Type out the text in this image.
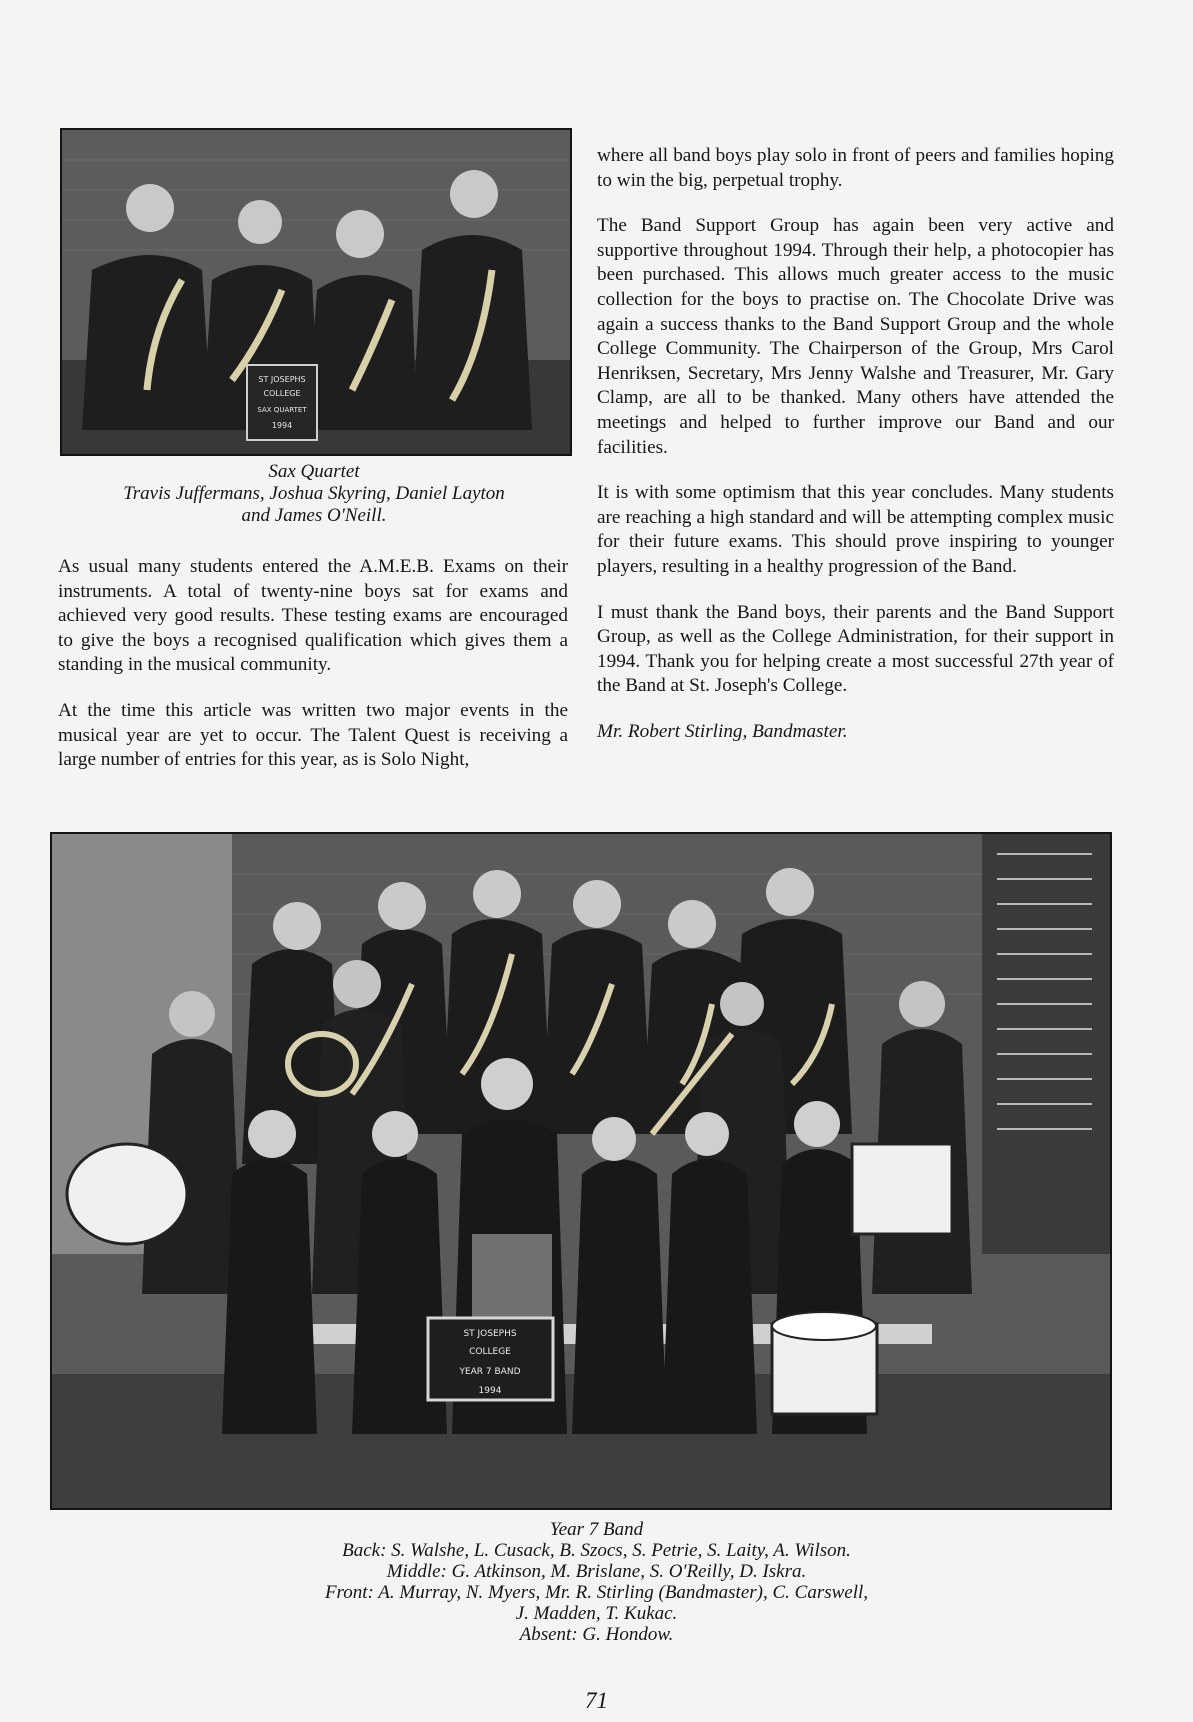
ST JOSEPHS
COLLEGE
SAX QUARTET
1994
Sax Quartet
Travis Juffermans, Joshua Skyring, Daniel Layton
and James O'Neill.

As usual many students entered the A.M.E.B. Exams on their instruments. A total of twenty-nine boys sat for exams and achieved very good results. These testing exams are encouraged to give the boys a recognised qualification which gives them a standing in the musical community.

At the time this article was written two major events in the musical year are yet to occur. The Talent Quest is receiving a large number of entries for this year, as is Solo Night,

where all band boys play solo in front of peers and families hoping to win the big, perpetual trophy.

The Band Support Group has again been very active and supportive throughout 1994. Through their help, a photocopier has been purchased. This allows much greater access to the music collection for the boys to practise on. The Chocolate Drive was again a success thanks to the Band Support Group and the whole College Community. The Chairperson of the Group, Mrs Carol Henriksen, Secretary, Mrs Jenny Walshe and Treasurer, Mr. Gary Clamp, are all to be thanked. Many others have attended the meetings and helped to further improve our Band and our facilities.

It is with some optimism that this year concludes. Many students are reaching a high standard and will be attempting complex music for their future exams. This should prove inspiring to younger players, resulting in a healthy progression of the Band.

I must thank the Band boys, their parents and the Band Support Group, as well as the College Administration, for their support in 1994. Thank you for helping create a most successful 27th year of the Band at St. Joseph's College.

Mr. Robert Stirling, Bandmaster.

ST JOSEPHS
COLLEGE
YEAR 7 BAND
1994
Year 7 Band
Back: S. Walshe, L. Cusack, B. Szocs, S. Petrie, S. Laity, A. Wilson.
Middle: G. Atkinson, M. Brislane, S. O'Reilly, D. Iskra.
Front: A. Murray, N. Myers, Mr. R. Stirling (Bandmaster), C. Carswell,
J. Madden, T. Kukac.
Absent: G. Hondow.
71
